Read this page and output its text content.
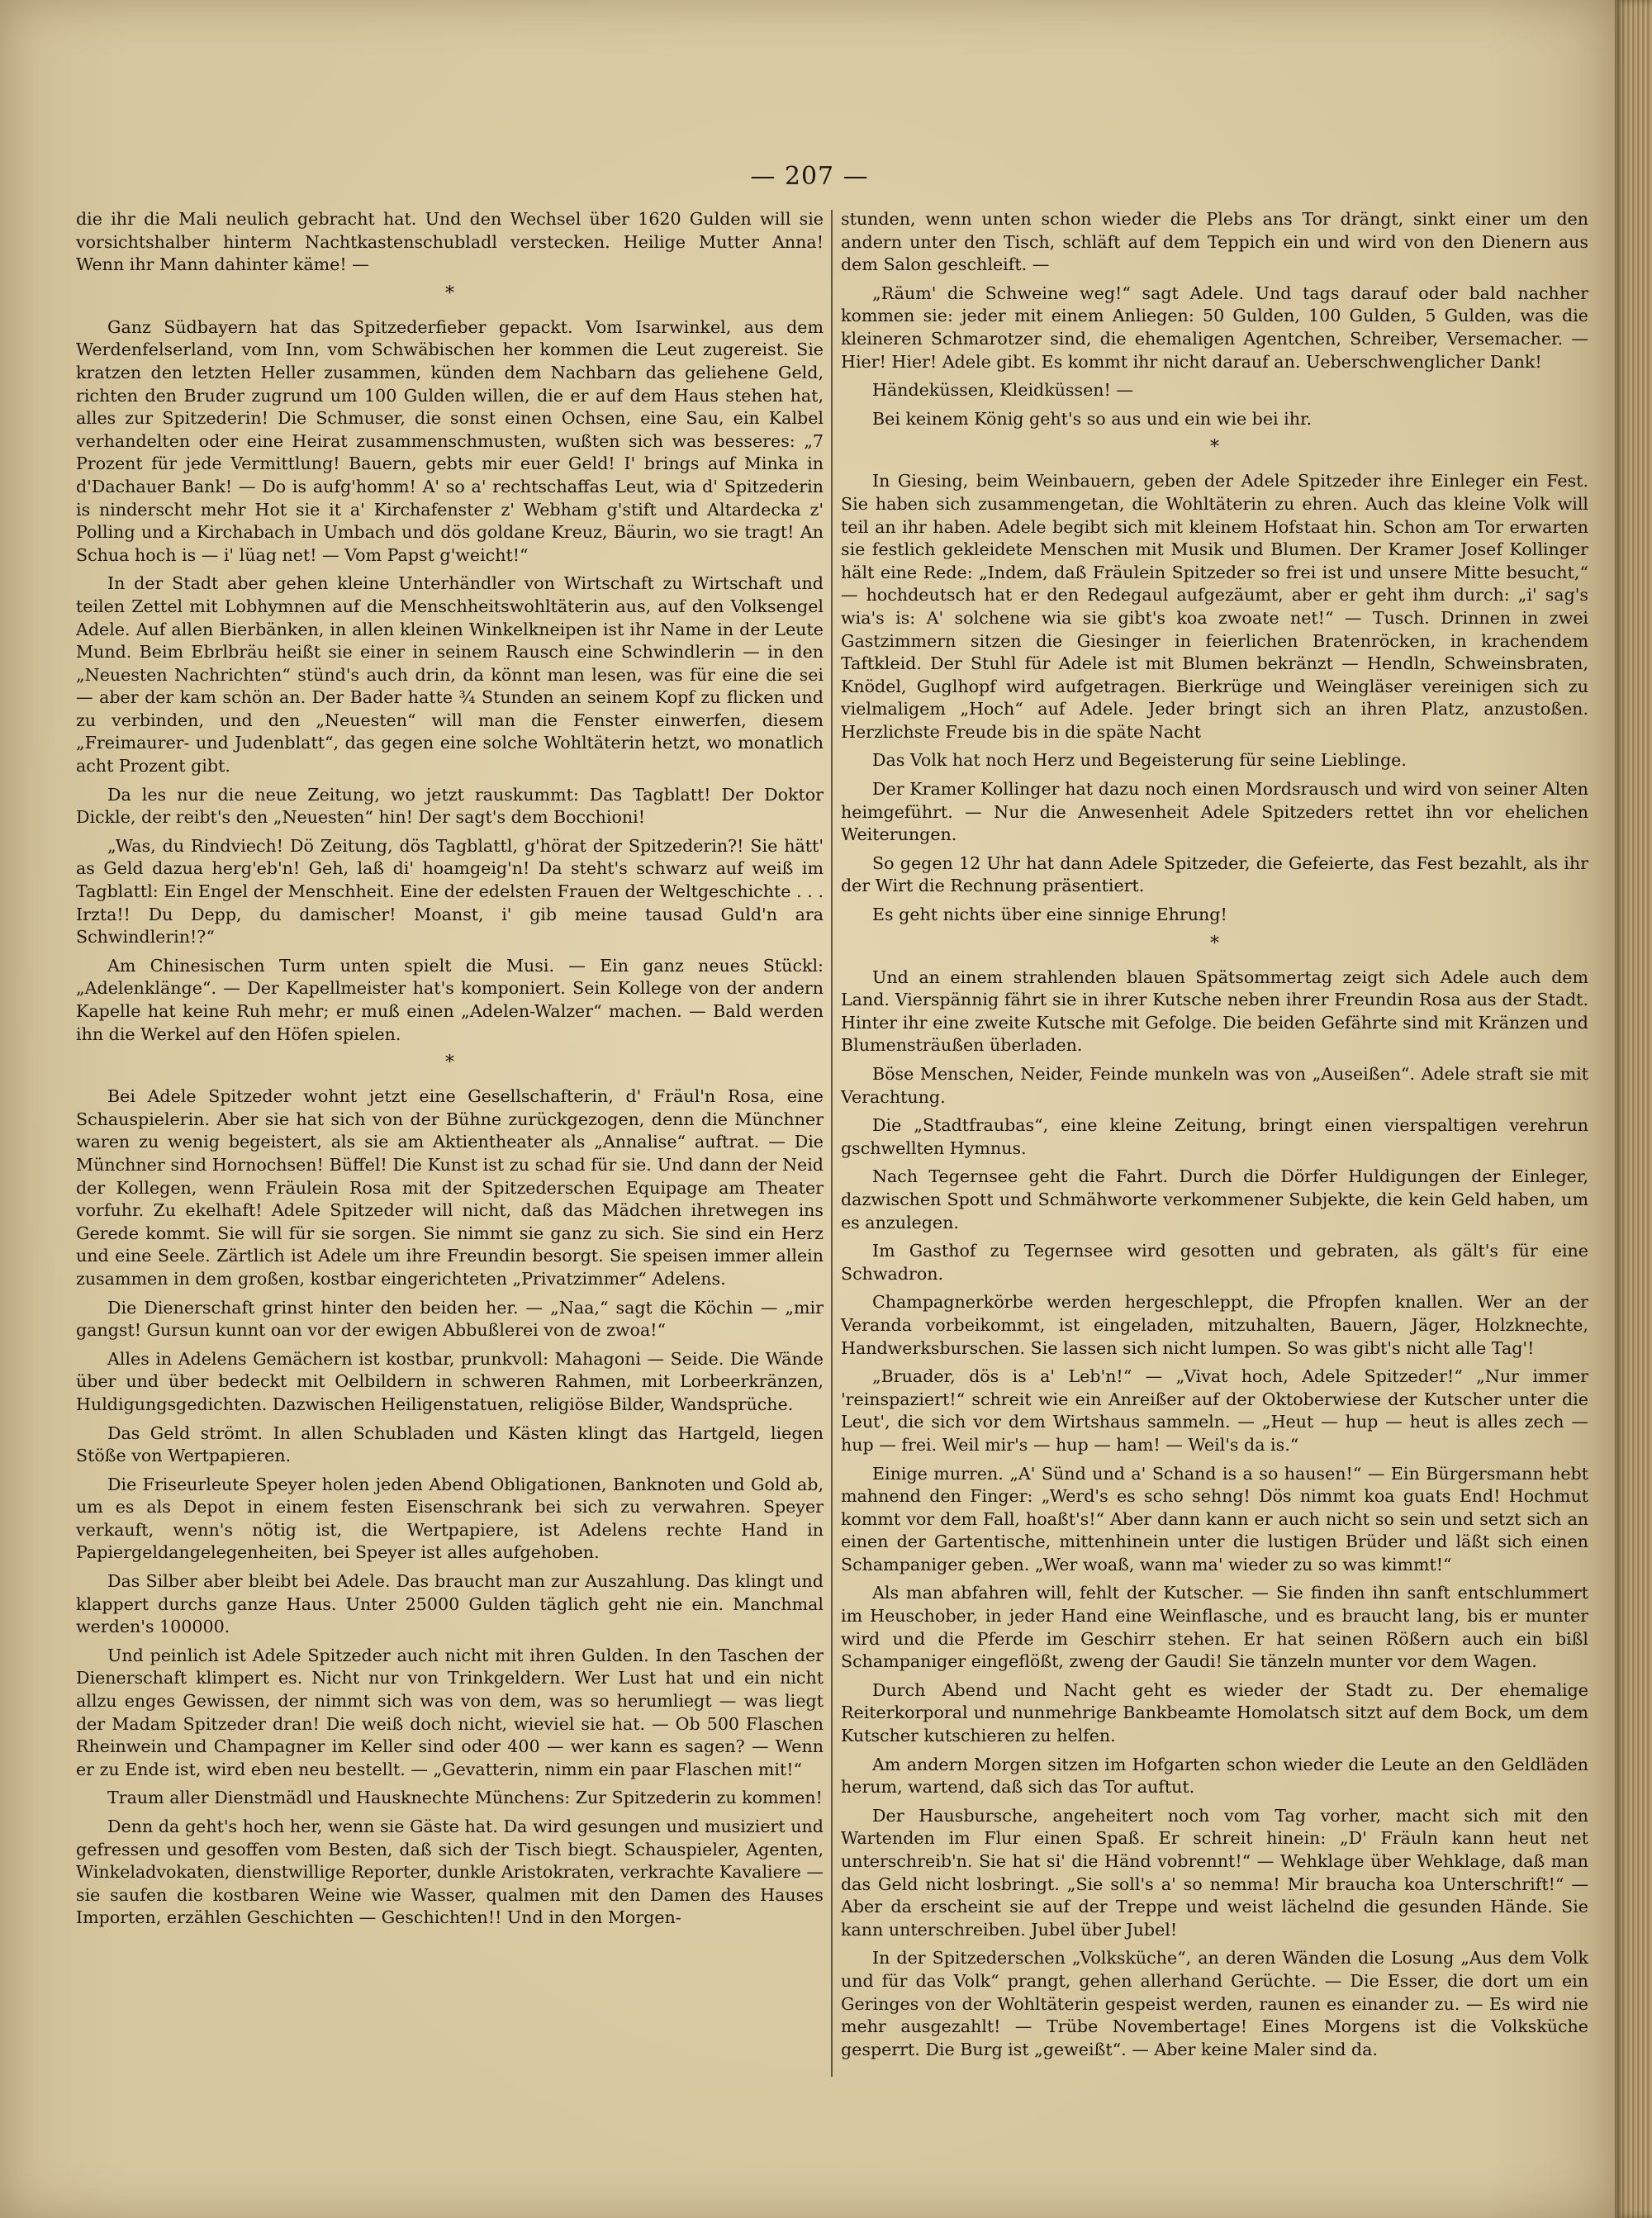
— 207 —

die ihr die Mali neulich gebracht hat. Und den Wechsel über 1620 Gulden will sie vorsichtshalber hinterm Nachtkastenschubladl verstecken. Heilige Mutter Anna! Wenn ihr Mann dahinter käme! —

*

Ganz Südbayern hat das Spitzederfieber gepackt. Vom Isarwinkel, aus dem Werdenfelserland, vom Inn, vom Schwäbischen her kommen die Leut zugereist. Sie kratzen den letzten Heller zusammen, künden dem Nachbarn das geliehene Geld, richten den Bruder zugrund um 100 Gulden willen, die er auf dem Haus stehen hat, alles zur Spitzederin! Die Schmuser, die sonst einen Ochsen, eine Sau, ein Kalbel verhandelten oder eine Heirat zusammenschmusten, wußten sich was besseres: „7 Prozent für jede Vermittlung! Bauern, gebts mir euer Geld! I' brings auf Minka in d'Dachauer Bank! — Do is aufg'homm! A' so a' rechtschaffas Leut, wia d' Spitzederin is ninderscht mehr Hot sie it a' Kirchafenster z' Webham g'stift und Altardecka z' Polling und a Kirchabach in Umbach und dös goldane Kreuz, Bäurin, wo sie tragt! An Schua hoch is — i' lüag net! — Vom Papst g'weicht!“

In der Stadt aber gehen kleine Unterhändler von Wirtschaft zu Wirtschaft und teilen Zettel mit Lobhymnen auf die Menschheitswohltäterin aus, auf den Volksengel Adele. Auf allen Bierbänken, in allen kleinen Winkelkneipen ist ihr Name in der Leute Mund. Beim Ebrlbräu heißt sie einer in seinem Rausch eine Schwindlerin — in den „Neuesten Nachrichten“ stünd's auch drin, da könnt man lesen, was für eine die sei — aber der kam schön an. Der Bader hatte ¾ Stunden an seinem Kopf zu flicken und zu verbinden, und den „Neuesten“ will man die Fenster einwerfen, diesem „Freimaurer- und Judenblatt“, das gegen eine solche Wohltäterin hetzt, wo monatlich acht Prozent gibt.

Da les nur die neue Zeitung, wo jetzt rauskummt: Das Tagblatt! Der Doktor Dickle, der reibt's den „Neuesten“ hin! Der sagt's dem Bocchioni!

„Was, du Rindviech! Dö Zeitung, dös Tagblattl, g'hörat der Spitzederin?! Sie hätt' as Geld dazua herg'eb'n! Geh, laß di' hoamgeig'n! Da steht's schwarz auf weiß im Tagblattl: Ein Engel der Menschheit. Eine der edelsten Frauen der Weltgeschichte . . . Irzta!! Du Depp, du damischer! Moanst, i' gib meine tausad Guld'n ara Schwindlerin!?“

Am Chinesischen Turm unten spielt die Musi. — Ein ganz neues Stückl: „Adelenklänge“. — Der Kapellmeister hat's komponiert. Sein Kollege von der andern Kapelle hat keine Ruh mehr; er muß einen „Adelen-Walzer“ machen. — Bald werden ihn die Werkel auf den Höfen spielen.

*

Bei Adele Spitzeder wohnt jetzt eine Gesellschafterin, d' Fräul'n Rosa, eine Schauspielerin. Aber sie hat sich von der Bühne zurückgezogen, denn die Münchner waren zu wenig begeistert, als sie am Aktientheater als „Annalise“ auftrat. — Die Münchner sind Hornochsen! Büffel! Die Kunst ist zu schad für sie. Und dann der Neid der Kollegen, wenn Fräulein Rosa mit der Spitzederschen Equipage am Theater vorfuhr. Zu ekelhaft! Adele Spitzeder will nicht, daß das Mädchen ihretwegen ins Gerede kommt. Sie will für sie sorgen. Sie nimmt sie ganz zu sich. Sie sind ein Herz und eine Seele. Zärtlich ist Adele um ihre Freundin besorgt. Sie speisen immer allein zusammen in dem großen, kostbar eingerichteten „Privatzimmer“ Adelens.

Die Dienerschaft grinst hinter den beiden her. — „Naa,“ sagt die Köchin — „mir gangst! Gursun kunnt oan vor der ewigen Abbußlerei von de zwoa!“

Alles in Adelens Gemächern ist kostbar, prunkvoll: Mahagoni — Seide. Die Wände über und über bedeckt mit Oelbildern in schweren Rahmen, mit Lorbeerkränzen, Huldigungsgedichten. Dazwischen Heiligenstatuen, religiöse Bilder, Wandsprüche.

Das Geld strömt. In allen Schubladen und Kästen klingt das Hartgeld, liegen Stöße von Wertpapieren.

Die Friseurleute Speyer holen jeden Abend Obligationen, Banknoten und Gold ab, um es als Depot in einem festen Eisenschrank bei sich zu verwahren. Speyer verkauft, wenn's nötig ist, die Wertpapiere, ist Adelens rechte Hand in Papiergeldangelegenheiten, bei Speyer ist alles aufgehoben.

Das Silber aber bleibt bei Adele. Das braucht man zur Auszahlung. Das klingt und klappert durchs ganze Haus. Unter 25000 Gulden täglich geht nie ein. Manchmal werden's 100000.

Und peinlich ist Adele Spitzeder auch nicht mit ihren Gulden. In den Taschen der Dienerschaft klimpert es. Nicht nur von Trinkgeldern. Wer Lust hat und ein nicht allzu enges Gewissen, der nimmt sich was von dem, was so herumliegt — was liegt der Madam Spitzeder dran! Die weiß doch nicht, wieviel sie hat. — Ob 500 Flaschen Rheinwein und Champagner im Keller sind oder 400 — wer kann es sagen? — Wenn er zu Ende ist, wird eben neu bestellt. — „Gevatterin, nimm ein paar Flaschen mit!“

Traum aller Dienstmädl und Hausknechte Münchens: Zur Spitzederin zu kommen!

Denn da geht's hoch her, wenn sie Gäste hat. Da wird gesungen und musiziert und gefressen und gesoffen vom Besten, daß sich der Tisch biegt. Schauspieler, Agenten, Winkeladvokaten, dienstwillige Reporter, dunkle Aristokraten, verkrachte Kavaliere — sie saufen die kostbaren Weine wie Wasser, qualmen mit den Damen des Hauses Importen, erzählen Geschichten — Geschichten!! Und in den Morgen-

stunden, wenn unten schon wieder die Plebs ans Tor drängt, sinkt einer um den andern unter den Tisch, schläft auf dem Teppich ein und wird von den Dienern aus dem Salon geschleift. —

„Räum' die Schweine weg!“ sagt Adele. Und tags darauf oder bald nachher kommen sie: jeder mit einem Anliegen: 50 Gulden, 100 Gulden, 5 Gulden, was die kleineren Schmarotzer sind, die ehemaligen Agentchen, Schreiber, Versemacher. — Hier! Hier! Adele gibt. Es kommt ihr nicht darauf an. Ueberschwenglicher Dank!

Händeküssen, Kleidküssen! —

Bei keinem König geht's so aus und ein wie bei ihr.

*

In Giesing, beim Weinbauern, geben der Adele Spitzeder ihre Einleger ein Fest. Sie haben sich zusammengetan, die Wohltäterin zu ehren. Auch das kleine Volk will teil an ihr haben. Adele begibt sich mit kleinem Hofstaat hin. Schon am Tor erwarten sie festlich gekleidete Menschen mit Musik und Blumen. Der Kramer Josef Kollinger hält eine Rede: „Indem, daß Fräulein Spitzeder so frei ist und unsere Mitte besucht,“ — hochdeutsch hat er den Redegaul aufgezäumt, aber er geht ihm durch: „i' sag's wia's is: A' solchene wia sie gibt's koa zwoate net!“ — Tusch. Drinnen in zwei Gastzimmern sitzen die Giesinger in feierlichen Bratenröcken, in krachendem Taftkleid. Der Stuhl für Adele ist mit Blumen bekränzt — Hendln, Schweinsbraten, Knödel, Guglhopf wird aufgetragen. Bierkrüge und Weingläser vereinigen sich zu vielmaligem „Hoch“ auf Adele. Jeder bringt sich an ihren Platz, anzustoßen. Herzlichste Freude bis in die späte Nacht

Das Volk hat noch Herz und Begeisterung für seine Lieblinge.

Der Kramer Kollinger hat dazu noch einen Mordsrausch und wird von seiner Alten heimgeführt. — Nur die Anwesenheit Adele Spitzeders rettet ihn vor ehelichen Weiterungen.

So gegen 12 Uhr hat dann Adele Spitzeder, die Gefeierte, das Fest bezahlt, als ihr der Wirt die Rechnung präsentiert.

Es geht nichts über eine sinnige Ehrung!

*

Und an einem strahlenden blauen Spätsommertag zeigt sich Adele auch dem Land. Vierspännig fährt sie in ihrer Kutsche neben ihrer Freundin Rosa aus der Stadt. Hinter ihr eine zweite Kutsche mit Gefolge. Die beiden Gefährte sind mit Kränzen und Blumensträußen überladen.

Böse Menschen, Neider, Feinde munkeln was von „Auseißen“. Adele straft sie mit Verachtung.

Die „Stadtfraubas“, eine kleine Zeitung, bringt einen vierspaltigen verehrun gschwellten Hymnus.

Nach Tegernsee geht die Fahrt. Durch die Dörfer Huldigungen der Einleger, dazwischen Spott und Schmähworte verkommener Subjekte, die kein Geld haben, um es anzulegen.

Im Gasthof zu Tegernsee wird gesotten und gebraten, als gält's für eine Schwadron.

Champagnerkörbe werden hergeschleppt, die Pfropfen knallen. Wer an der Veranda vorbeikommt, ist eingeladen, mitzuhalten, Bauern, Jäger, Holzknechte, Handwerksburschen. Sie lassen sich nicht lumpen. So was gibt's nicht alle Tag'!

„Bruader, dös is a' Leb'n!“ — „Vivat hoch, Adele Spitzeder!“ „Nur immer 'reinspaziert!“ schreit wie ein Anreißer auf der Oktoberwiese der Kutscher unter die Leut', die sich vor dem Wirtshaus sammeln. — „Heut — hup — heut is alles zech — hup — frei. Weil mir's — hup — ham! — Weil's da is.“

Einige murren. „A' Sünd und a' Schand is a so hausen!“ — Ein Bürgersmann hebt mahnend den Finger: „Werd's es scho sehng! Dös nimmt koa guats End! Hochmut kommt vor dem Fall, hoaßt's!“ Aber dann kann er auch nicht so sein und setzt sich an einen der Gartentische, mittenhinein unter die lustigen Brüder und läßt sich einen Schampaniger geben. „Wer woaß, wann ma' wieder zu so was kimmt!“

Als man abfahren will, fehlt der Kutscher. — Sie finden ihn sanft entschlummert im Heuschober, in jeder Hand eine Weinflasche, und es braucht lang, bis er munter wird und die Pferde im Geschirr stehen. Er hat seinen Rößern auch ein bißl Schampaniger eingeflößt, zweng der Gaudi! Sie tänzeln munter vor dem Wagen.

Durch Abend und Nacht geht es wieder der Stadt zu. Der ehemalige Reiterkorporal und nunmehrige Bankbeamte Homolatsch sitzt auf dem Bock, um dem Kutscher kutschieren zu helfen.

Am andern Morgen sitzen im Hofgarten schon wieder die Leute an den Geldläden herum, wartend, daß sich das Tor auftut.

Der Hausbursche, angeheitert noch vom Tag vorher, macht sich mit den Wartenden im Flur einen Spaß. Er schreit hinein: „D' Fräuln kann heut net unterschreib'n. Sie hat si' die Händ vobrennt!“ — Wehklage über Wehklage, daß man das Geld nicht losbringt. „Sie soll's a' so nemma! Mir braucha koa Unterschrift!“ — Aber da erscheint sie auf der Treppe und weist lächelnd die gesunden Hände. Sie kann unterschreiben. Jubel über Jubel!

In der Spitzederschen „Volksküche“, an deren Wänden die Losung „Aus dem Volk und für das Volk“ prangt, gehen allerhand Gerüchte. — Die Esser, die dort um ein Geringes von der Wohltäterin gespeist werden, raunen es einander zu. — Es wird nie mehr ausgezahlt! — Trübe Novembertage! Eines Morgens ist die Volksküche gesperrt. Die Burg ist „geweißt“. — Aber keine Maler sind da.
